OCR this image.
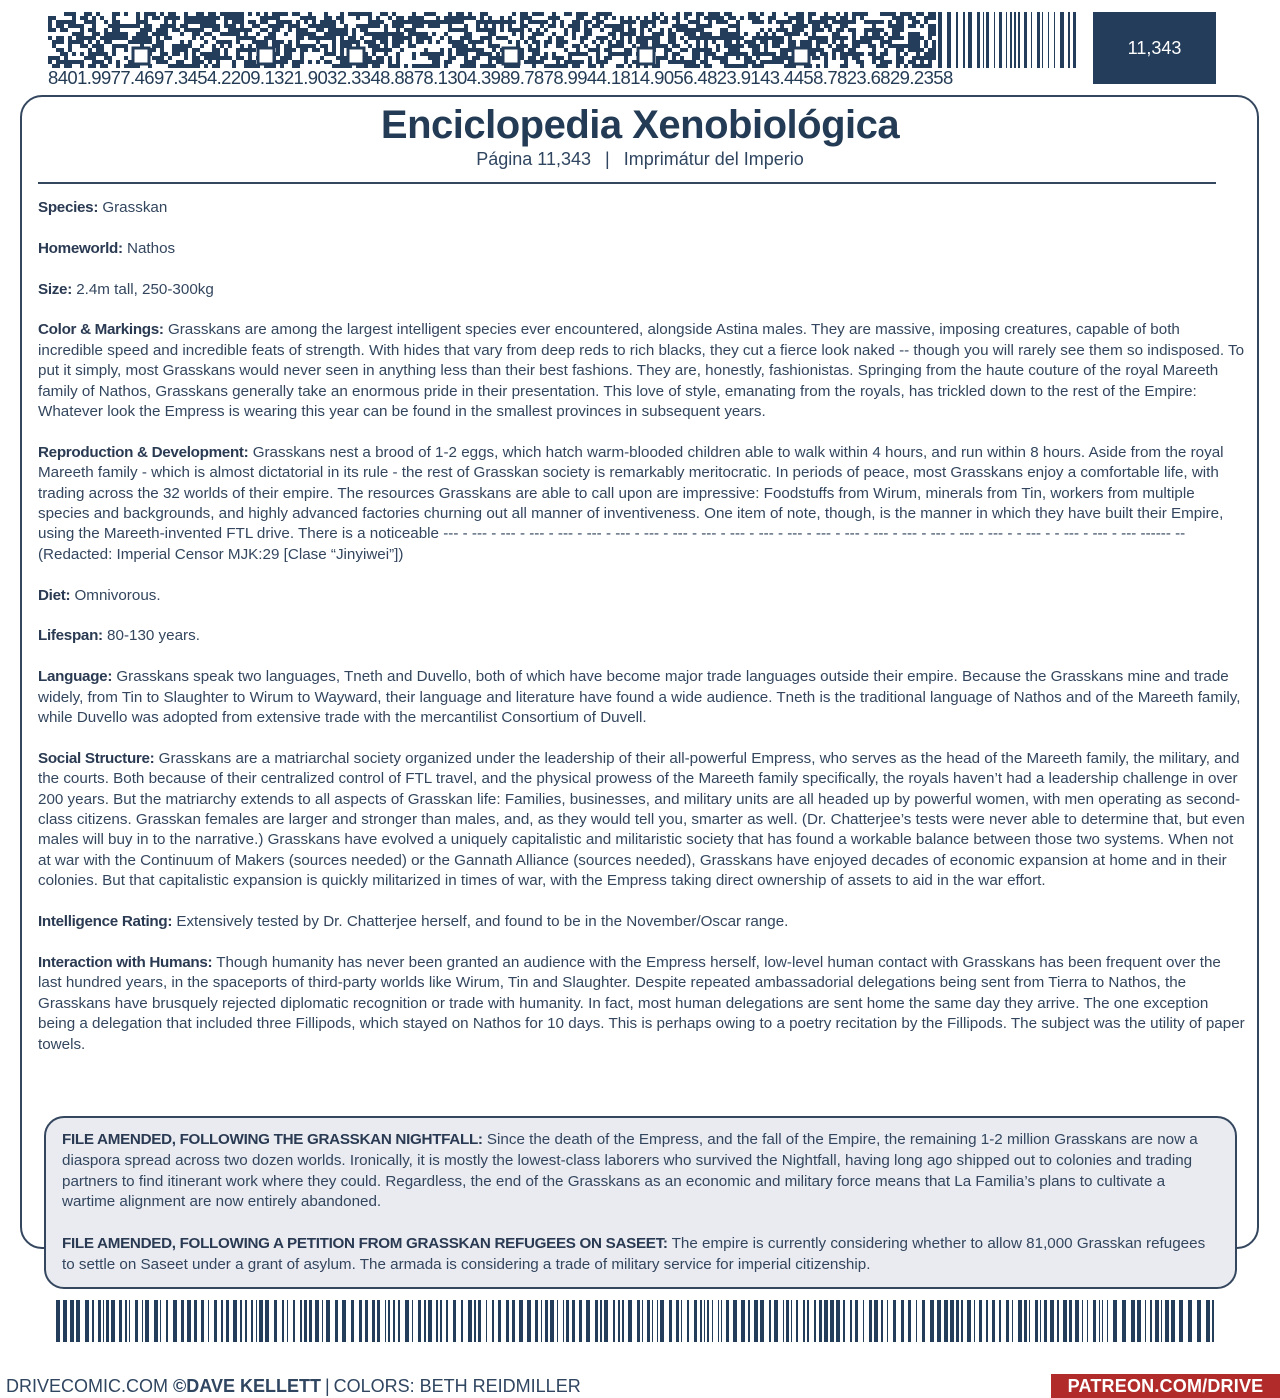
8401.9977.4697.3454.2209.1321.9032.3348.8878.1304.3989.7878.9944.1814.9056.4823.9143.4458.7823.6829.2358
11,343
Enciclopedia Xenobiológica
Página 11,343 | Imprimátur del Imperio

Species: Grasskan

Homeworld: Nathos

Size: 2.4m tall, 250-300kg

Color & Markings: Grasskans are among the largest intelligent species ever encountered, alongside Astina males. They are massive, imposing creatures, capable of both incredible speed and incredible feats of strength. With hides that vary from deep reds to rich blacks, they cut a fierce look naked -- though you will rarely see them so indisposed. To put it simply, most Grasskans would never seen in anything less than their best fashions. They are, honestly, fashionistas. Springing from the haute couture of the royal Mareeth family of Nathos, Grasskans generally take an enormous pride in their presentation. This love of style, emanating from the royals, has trickled down to the rest of the Empire: Whatever look the Empress is wearing this year can be found in the smallest provinces in subsequent years.

Reproduction & Development: Grasskans nest a brood of 1-2 eggs, which hatch warm-blooded children able to walk within 4 hours, and run within 8 hours. Aside from the royal Mareeth family - which is almost dictatorial in its rule - the rest of Grasskan society is remarkably meritocratic. In periods of peace, most Grasskans enjoy a comfortable life, with trading across the 32 worlds of their empire. The resources Grasskans are able to call upon are impressive: Foodstuffs from Wirum, minerals from Tin, workers from multiple species and backgrounds, and highly advanced factories churning out all manner of inventiveness. One item of note, though, is the manner in which they have built their Empire, using the Mareeth-invented FTL drive. There is a noticeable --- - --- - --- - --- - --- - --- - --- - --- - --- - --- - --- - --- - --- - --- - --- - --- - --- - --- - --- - --- - - --- - - --- - --- - --- ------ -- (Redacted: Imperial Censor MJK:29 [Clase “Jinyiwei”])

Diet: Omnivorous.

Lifespan: 80-130 years.

Language: Grasskans speak two languages, Tneth and Duvello, both of which have become major trade languages outside their empire. Because the Grasskans mine and trade widely, from Tin to Slaughter to Wirum to Wayward, their language and literature have found a wide audience. Tneth is the traditional language of Nathos and of the Mareeth family, while Duvello was adopted from extensive trade with the mercantilist Consortium of Duvell.

Social Structure: Grasskans are a matriarchal society organized under the leadership of their all-powerful Empress, who serves as the head of the Mareeth family, the military, and the courts. Both because of their centralized control of FTL travel, and the physical prowess of the Mareeth family specifically, the royals haven’t had a leadership challenge in over 200 years. But the matriarchy extends to all aspects of Grasskan life: Families, businesses, and military units are all headed up by powerful women, with men operating as second-class citizens. Grasskan females are larger and stronger than males, and, as they would tell you, smarter as well. (Dr. Chatterjee’s tests were never able to determine that, but even males will buy in to the narrative.) Grasskans have evolved a uniquely capitalistic and militaristic society that has found a workable balance between those two systems. When not at war with the Continuum of Makers (sources needed) or the Gannath Alliance (sources needed), Grasskans have enjoyed decades of economic expansion at home and in their colonies. But that capitalistic expansion is quickly militarized in times of war, with the Empress taking direct ownership of assets to aid in the war effort.

Intelligence Rating: Extensively tested by Dr. Chatterjee herself, and found to be in the November/Oscar range.

Interaction with Humans: Though humanity has never been granted an audience with the Empress herself, low-level human contact with Grasskans has been frequent over the last hundred years, in the spaceports of third-party worlds like Wirum, Tin and Slaughter. Despite repeated ambassadorial delegations being sent from Tierra to Nathos, the Grasskans have brusquely rejected diplomatic recognition or trade with humanity. In fact, most human delegations are sent home the same day they arrive. The one exception being a delegation that included three Fillipods, which stayed on Nathos for 10 days. This is perhaps owing to a poetry recitation by the Fillipods. The subject was the utility of paper towels.

FILE AMENDED, FOLLOWING THE GRASSKAN NIGHTFALL: Since the death of the Empress, and the fall of the Empire, the remaining 1-2 million Grasskans are now a diaspora spread across two dozen worlds. Ironically, it is mostly the lowest-class laborers who survived the Nightfall, having long ago shipped out to colonies and trading partners to find itinerant work where they could. Regardless, the end of the Grasskans as an economic and military force means that La Familia’s plans to cultivate a wartime alignment are now entirely abandoned.

FILE AMENDED, FOLLOWING A PETITION FROM GRASSKAN REFUGEES ON SASEET: The empire is currently considering whether to allow 81,000 Grasskan refugees to settle on Saseet under a grant of asylum. The armada is considering a trade of military service for imperial citizenship.

DRIVECOMIC.COM ©DAVE KELLETT | COLORS: BETH REIDMILLER	PATREON.COM/DRIVE
